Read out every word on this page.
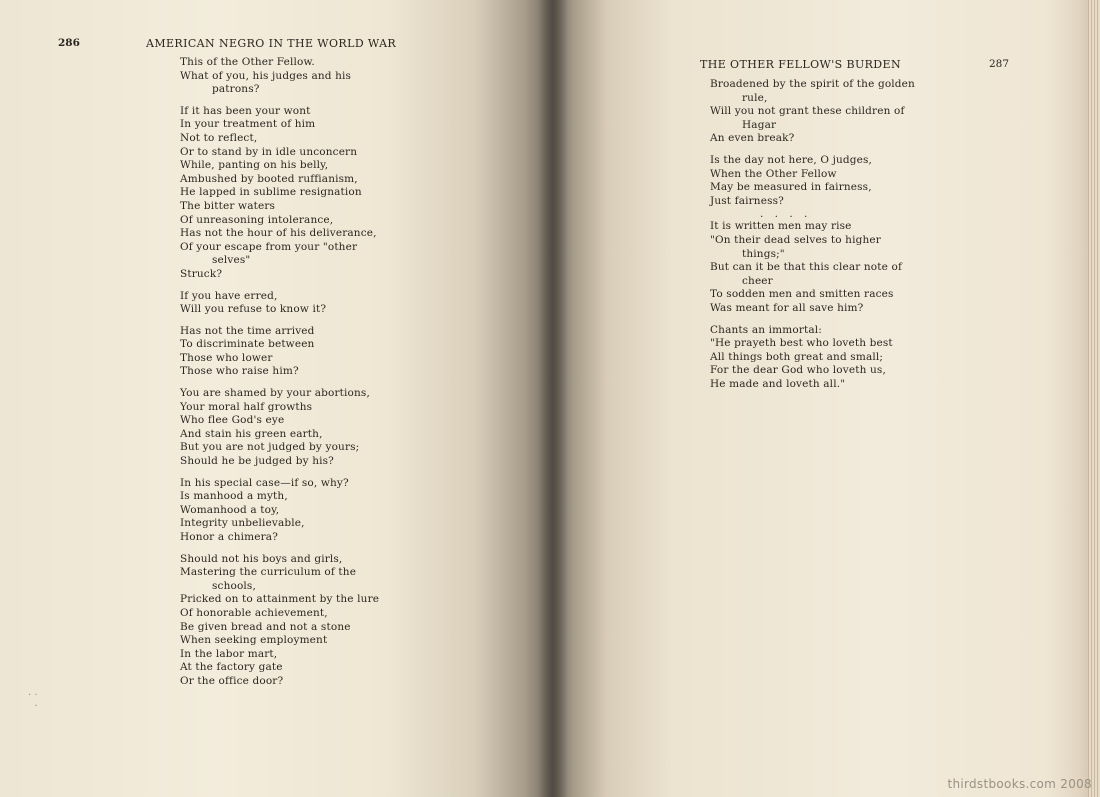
286	AMERICAN NEGRO IN THE WORLD WAR
This of the Other Fellow.
What of you, his judges and his
patrons?
If it has been your wont
In your treatment of him
Not to reflect,
Or to stand by in idle unconcern
While, panting on his belly,
Ambushed by booted ruffianism,
He lapped in sublime resignation
The bitter waters
Of unreasoning intolerance,
Has not the hour of his deliverance,
Of your escape from your "other
selves"
Struck?
If you have erred,
Will you refuse to know it?
Has not the time arrived
To discriminate between
Those who lower
Those who raise him?
You are shamed by your abortions,
Your moral half growths
Who flee God's eye
And stain his green earth,
But you are not judged by yours;
Should he be judged by his?
In his special case—if so, why?
Is manhood a myth,
Womanhood a toy,
Integrity unbelievable,
Honor a chimera?
Should not his boys and girls,
Mastering the curriculum of the
schools,
Pricked on to attainment by the lure
Of honorable achievement,
Be given bread and not a stone
When seeking employment
In the labor mart,
At the factory gate
Or the office door?
THE OTHER FELLOW'S BURDEN	287
Broadened by the spirit of the golden
rule,
Will you not grant these children of
Hagar
An even break?
Is the day not here, O judges,
When the Other Fellow
May be measured in fairness,
Just fairness?
. . . .
It is written men may rise
"On their dead selves to higher
things;"
But can it be that this clear note of
cheer
To sodden men and smitten races
Was meant for all save him?
Chants an immortal:
"He prayeth best who loveth best
All things both great and small;
For the dear God who loveth us,
He made and loveth all."
· ·
·
thirdstbooks.com 2008
